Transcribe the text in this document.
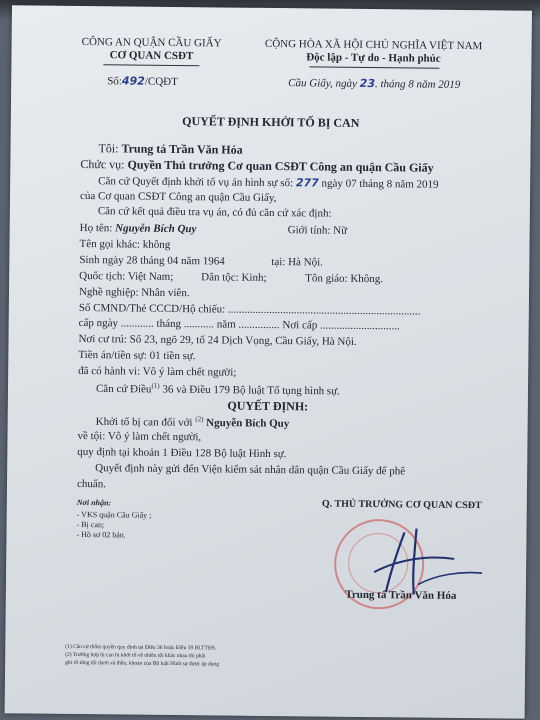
CÔNG AN QUẬN CẦU GIẤY
CƠ QUAN CSĐT
Số:492/CQĐT
CỘNG HÒA XÃ HỘI CHỦ NGHĨA VIỆT NAM
Độc lập - Tự do - Hạnh phúc
Cầu Giấy, ngày 23. tháng 8 năm 2019
QUYẾT ĐỊNH KHỞI TỐ BỊ CAN
Tôi: Trung tá Trần Văn Hóa
Chức vụ: Quyền Thủ trưởng Cơ quan CSĐT Công an quận Cầu Giấy
Căn cứ Quyết định khởi tố vụ án hình sự số: 277 ngày 07 tháng 8 năm 2019
của Cơ quan CSĐT Công an quận Cầu Giấy,
Căn cứ kết quả điều tra vụ án, có đủ căn cứ xác định:
Họ tên: Nguyễn Bích Quy	Giới tính: Nữ
Tên gọi khác: không
Sinh ngày 28 tháng 04 năm 1964	tại: Hà Nội.
Quốc tịch: Việt Nam;	Dân tộc: Kinh;	Tôn giáo: Không.
Nghề nghiệp: Nhân viên.
Số CMND/Thẻ CCCD/Hộ chiếu: ......................................................................
cấp ngày ............ tháng ........... năm ............... Nơi cấp .............................
Nơi cư trú: Số 23, ngõ 29, tổ 24 Dịch Vọng, Cầu Giấy, Hà Nội.
Tiền án/tiền sự: 01 tiền sự.
đã có hành vi: Vô ý làm chết người;
Căn cứ Điều$^{(1)}$ 36 và Điều 179 Bộ luật Tố tụng hình sự.
QUYẾT ĐỊNH:
Khởi tố bị can đối với $^{(2)}$ Nguyễn Bích Quy
về tội: Vô ý làm chết người,
quy định tại khoản 1 Điều 128 Bộ luật Hình sự.
Quyết định này gửi đến Viện kiểm sát nhân dân quận Cầu Giấy để phê
chuẩn.
Nơi nhận:
- VKS quận Cầu Giấy ;
- Bị can;
- Hồ sơ 02 bản.
Q. THỦ TRƯỞNG CƠ QUAN CSĐT
Trung tá Trần Văn Hóa
(1) Căn cứ thẩm quyền quy định tại Điều 36 hoặc Điều 39 BLTTHS.
(2) Trường hợp bị can bị khởi tố về nhiều tội khác nhau thì phải
ghi rõ từng tội danh và điều, khoản của Bộ luật Hình sự được áp dụng
